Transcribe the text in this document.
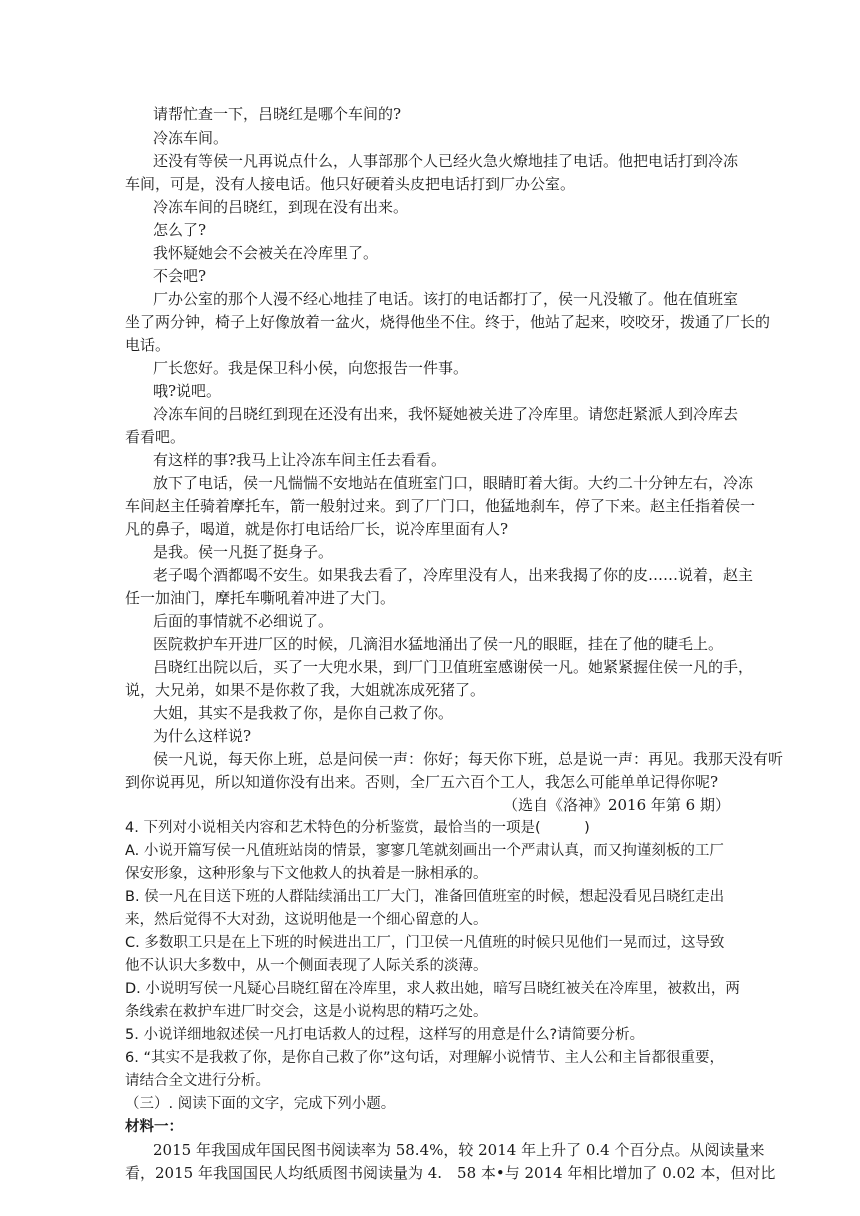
请帮忙查一下，吕晓红是哪个车间的?
冷冻车间。
还没有等侯一凡再说点什么，人事部那个人已经火急火燎地挂了电话。他把电话打到冷冻
车间，可是，没有人接电话。他只好硬着头皮把电话打到厂办公室。
冷冻车间的吕晓红，到现在没有出来。
怎么了?
我怀疑她会不会被关在冷库里了。
不会吧?
厂办公室的那个人漫不经心地挂了电话。该打的电话都打了，侯一凡没辙了。他在值班室
坐了两分钟，椅子上好像放着一盆火，烧得他坐不住。终于，他站了起来，咬咬牙，拨通了厂长的
电话。
厂长您好。我是保卫科小侯，向您报告一件事。
哦?说吧。
冷冻车间的吕晓红到现在还没有出来，我怀疑她被关进了冷库里。请您赶紧派人到冷库去
看看吧。
有这样的事?我马上让冷冻车间主任去看看。
放下了电话，侯一凡惴惴不安地站在值班室门口，眼睛盯着大街。大约二十分钟左右，冷冻
车间赵主任骑着摩托车，箭一般射过来。到了厂门口，他猛地刹车，停了下来。赵主任指着侯一
凡的鼻子，喝道，就是你打电话给厂长，说冷库里面有人?
是我。侯一凡挺了挺身子。
老子喝个酒都喝不安生。如果我去看了，冷库里没有人，出来我揭了你的皮……说着，赵主
任一加油门，摩托车嘶吼着冲进了大门。
后面的事情就不必细说了。
医院救护车开进厂区的时候，几滴泪水猛地涌出了侯一凡的眼眶，挂在了他的睫毛上。
吕晓红出院以后，买了一大兜水果，到厂门卫值班室感谢侯一凡。她紧紧握住侯一凡的手，
说，大兄弟，如果不是你救了我，大姐就冻成死猪了。
大姐，其实不是我救了你，是你自己救了你。
为什么这样说?
侯一凡说，每天你上班，总是问侯一声：你好；每天你下班，总是说一声：再见。我那天没有听
到你说再见，所以知道你没有出来。否则，全厂五六百个工人，我怎么可能单单记得你呢?
（选自《洛神》2016 年第 6 期）
4. 下列对小说相关内容和艺术特色的分析鉴赏，最恰当的一项是(　　　)
A. 小说开篇写侯一凡值班站岗的情景，寥寥几笔就刻画出一个严肃认真，而又拘谨刻板的工厂
保安形象，这种形象与下文他救人的执着是一脉相承的。
B. 侯一凡在目送下班的人群陆续涌出工厂大门，准备回值班室的时候，想起没看见吕晓红走出
来，然后觉得不大对劲，这说明他是一个细心留意的人。
C. 多数职工只是在上下班的时候进出工厂，门卫侯一凡值班的时候只见他们一晃而过，这导致
他不认识大多数中，从一个侧面表现了人际关系的淡薄。
D. 小说明写侯一凡疑心吕晓红留在冷库里，求人救出她，暗写吕晓红被关在冷库里，被救出，两
条线索在救护车进厂时交会，这是小说构思的精巧之处。
5. 小说详细地叙述侯一凡打电话救人的过程，这样写的用意是什么?请简要分析。
6. “其实不是我救了你，是你自己救了你”这句话，对理解小说情节、主人公和主旨都很重要，
请结合全文进行分析。
（三）. 阅读下面的文字，完成下列小题。
材料一：
2015 年我国成年国民图书阅读率为 58.4%，较 2014 年上升了 0.4 个百分点。从阅读量来
看，2015 年我国国民人均纸质图书阅读量为 4.　58 本•与 2014 年相比增加了 0.02 本，但对比
